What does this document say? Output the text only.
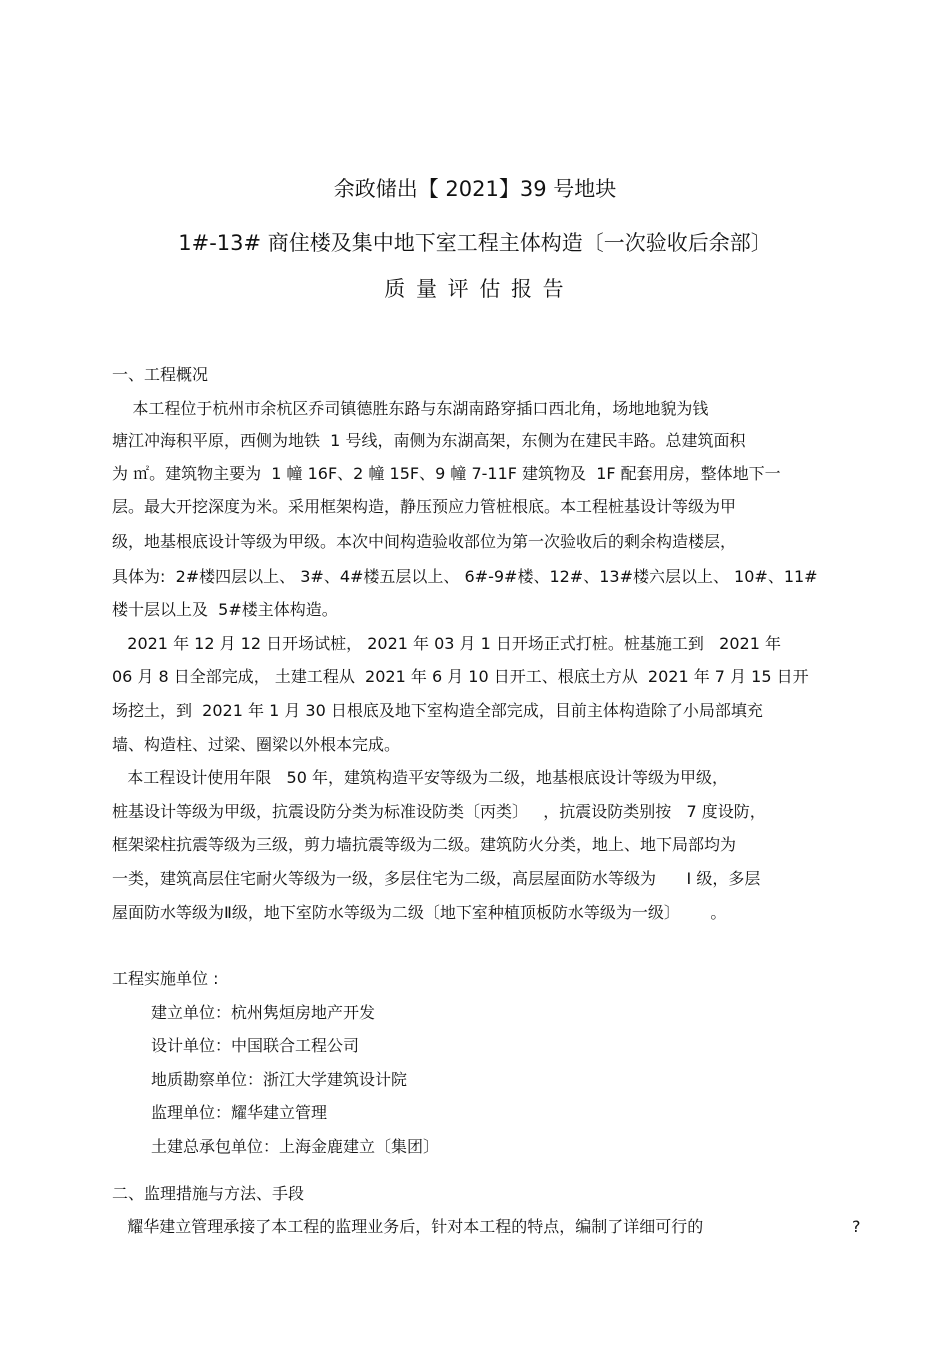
余政储出【 2021】39 号地块
1#-13# 商住楼及集中地下室工程主体构造〔一次验收后余部〕
质 量 评 估 报 告
一、工程概况
本工程位于杭州市余杭区乔司镇德胜东路与东湖南路穿插口西北角，场地地貌为钱
塘江冲海积平原，西侧为地铁  1 号线，南侧为东湖高架，东侧为在建民丰路。总建筑面积
为 ㎡。建筑物主要为  1 幢 16F、2 幢 15F、9 幢 7-11F 建筑物及  1F 配套用房，整体地下一
层。最大开挖深度为米。采用框架构造，静压预应力管桩根底。本工程桩基设计等级为甲
级，地基根底设计等级为甲级。本次中间构造验收部位为第一次验收后的剩余构造楼层，
具体为:  2#楼四层以上、 3#、4#楼五层以上、 6#-9#楼、12#、13#楼六层以上、 10#、11#
楼十层以上及  5#楼主体构造。
2021 年 12 月 12 日开场试桩， 2021 年 03 月 1 日开场正式打桩。桩基施工到   2021 年
06 月 8 日全部完成， 土建工程从  2021 年 6 月 10 日开工、根底土方从  2021 年 7 月 15 日开
场挖土，到  2021 年 1 月 30 日根底及地下室构造全部完成，目前主体构造除了小局部填充
墙、构造柱、过梁、圈梁以外根本完成。
本工程设计使用年限   50 年，建筑构造平安等级为二级，地基根底设计等级为甲级，
桩基设计等级为甲级，抗震设防分类为标准设防类〔丙类〕   ，抗震设防类别按   7 度设防，
框架梁柱抗震等级为三级，剪力墙抗震等级为二级。建筑防火分类，地上、地下局部均为
一类，建筑高层住宅耐火等级为一级，多层住宅为二级，高层屋面防水等级为      Ⅰ 级，多层
屋面防水等级为Ⅱ级，地下室防水等级为二级〔地下室种植顶板防水等级为一级〕      。
工程实施单位 :
建立单位：杭州隽烜房地产开发
设计单位：中国联合工程公司
地质勘察单位：浙江大学建筑设计院
监理单位：耀华建立管理
土建总承包单位：上海金鹿建立〔集团〕
二、监理措施与方法、手段
耀华建立管理承接了本工程的监理业务后，针对本工程的特点，编制了详细可行的	?
